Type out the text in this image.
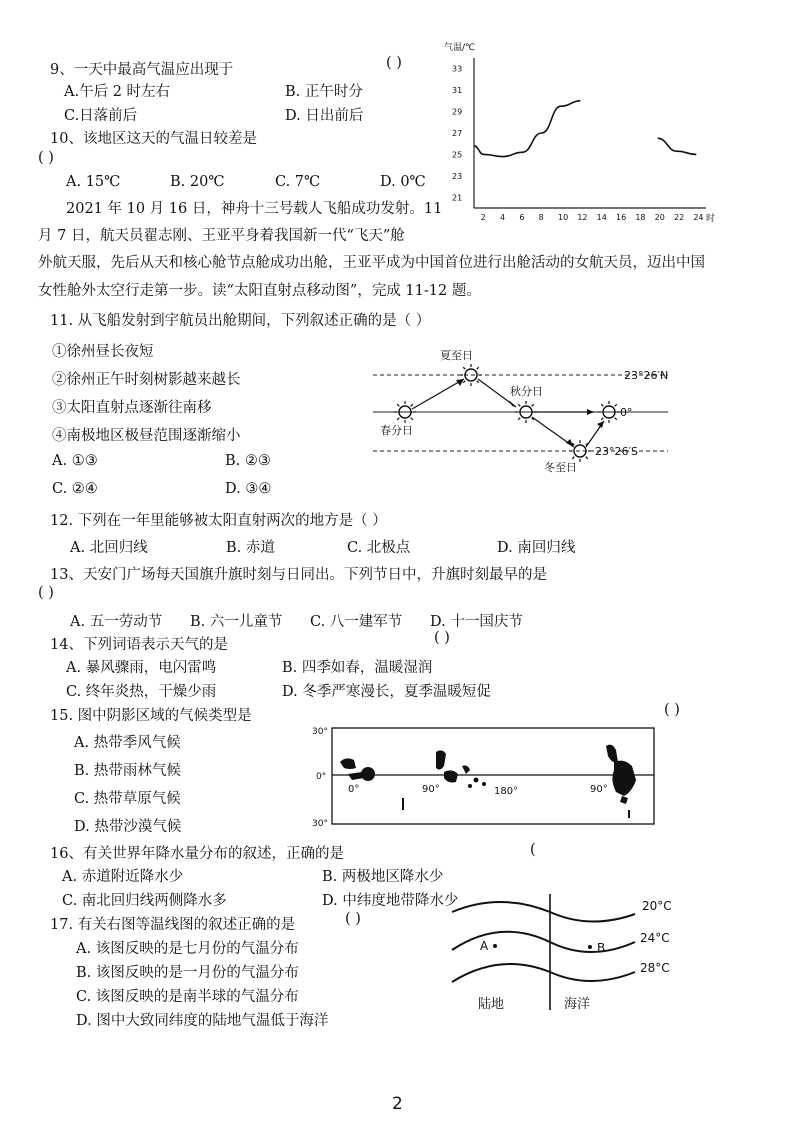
9、一天中最高气温应出现于	( )
A.午后 2 时左右	B. 正午时分
C.日落前后	D. 日出前后
10、该地区这天的气温日较差是
( )
A. 15℃	B. 20℃	C. 7℃	D. 0℃
气温/℃
33
31
29
27
25
23
21
2 4 6 8 10 12 14 16 18 20 22 24 时
2021 年 10 月 16 日，神舟十三号载人飞船成功发射。11
月 7 日，航天员翟志刚、王亚平身着我国新一代“飞天”舱
外航天服，先后从天和核心舱节点舱成功出舱，王亚平成为中国首位进行出舱活动的女航天员，迈出中国
女性舱外太空行走第一步。读“太阳直射点移动图”，完成 11-12 题。
11. 从飞船发射到宇航员出舱期间，下列叙述正确的是（ ）
①徐州昼长夜短
②徐州正午时刻树影越来越长
③太阳直射点逐渐往南移
④南极地区极昼范围逐渐缩小
A. ①③	B. ②③
C. ②④	D. ③④
夏至日
春分日
秋分日
冬至日
23°26′N
0°
23°26′S
12. 下列在一年里能够被太阳直射两次的地方是（ ）
A. 北回归线	B. 赤道	C. 北极点	D. 南回归线
13、天安门广场每天国旗升旗时刻与日同出。下列节日中，升旗时刻最早的是
( )
A. 五一劳动节 B. 六一儿童节 C. 八一建军节 D. 十一国庆节
14、下列词语表示天气的是	( )
A. 暴风骤雨，电闪雷鸣	B. 四季如春，温暖湿润
C. 终年炎热，干燥少雨	D. 冬季严寒漫长，夏季温暖短促
15. 图中阴影区域的气候类型是	( )
A. 热带季风气候
B. 热带雨林气候
C. 热带草原气候
D. 热带沙漠气候
30°
0°
30°
0°	90°	180°	90°
16、有关世界年降水量分布的叙述，正确的是	(
A. 赤道附近降水少	B. 两极地区降水少
C. 南北回归线两侧降水多	D. 中纬度地带降水少
17. 有关右图等温线图的叙述正确的是	( )
A. 该图反映的是七月份的气温分布
B. 该图反映的是一月份的气温分布
C. 该图反映的是南半球的气温分布
D. 图中大致同纬度的陆地气温低于海洋
20°C
24°C
28°C
A	B
陆地	海洋
2
